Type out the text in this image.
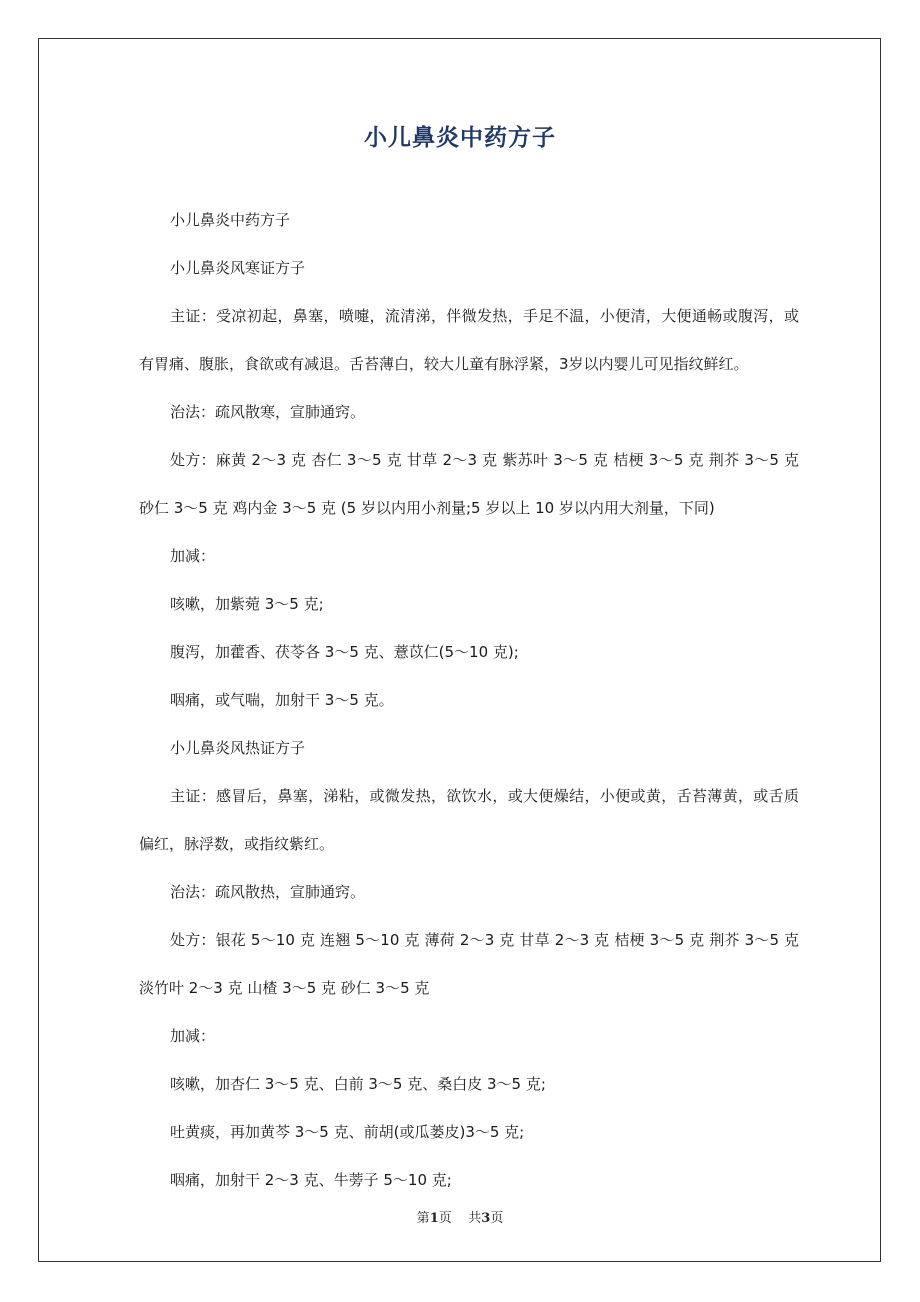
小儿鼻炎中药方子

小儿鼻炎中药方子

小儿鼻炎风寒证方子

主证：受凉初起，鼻塞，喷嚏，流清涕，伴微发热，手足不温，小便清，大便通畅或腹泻，或有胃痛、腹胀，食欲或有减退。舌苔薄白，较大儿童有脉浮紧，3岁以内婴儿可见指纹鲜红。

治法：疏风散寒，宣肺通窍。

处方：麻黄 2～3 克 杏仁 3～5 克 甘草 2～3 克 紫苏叶 3～5 克 桔梗 3～5 克 荆芥 3～5 克 砂仁 3～5 克 鸡内金 3～5 克 (5 岁以内用小剂量;5 岁以上 10 岁以内用大剂量，下同)

加减：

咳嗽，加紫菀 3～5 克;

腹泻，加藿香、茯苓各 3～5 克、薏苡仁(5～10 克);

咽痛，或气喘，加射干 3～5 克。

小儿鼻炎风热证方子

主证：感冒后，鼻塞，涕粘，或微发热，欲饮水，或大便燥结，小便或黄，舌苔薄黄，或舌质偏红，脉浮数，或指纹紫红。

治法：疏风散热，宣肺通窍。

处方：银花 5～10 克 连翘 5～10 克 薄荷 2～3 克 甘草 2～3 克 桔梗 3～5 克 荆芥 3～5 克 淡竹叶 2～3 克 山楂 3～5 克 砂仁 3～5 克

加减：

咳嗽，加杏仁 3～5 克、白前 3～5 克、桑白皮 3～5 克;

吐黄痰，再加黄芩 3～5 克、前胡(或瓜蒌皮)3～5 克;

咽痛，加射干 2～3 克、牛蒡子 5～10 克;

第1页    共3页
